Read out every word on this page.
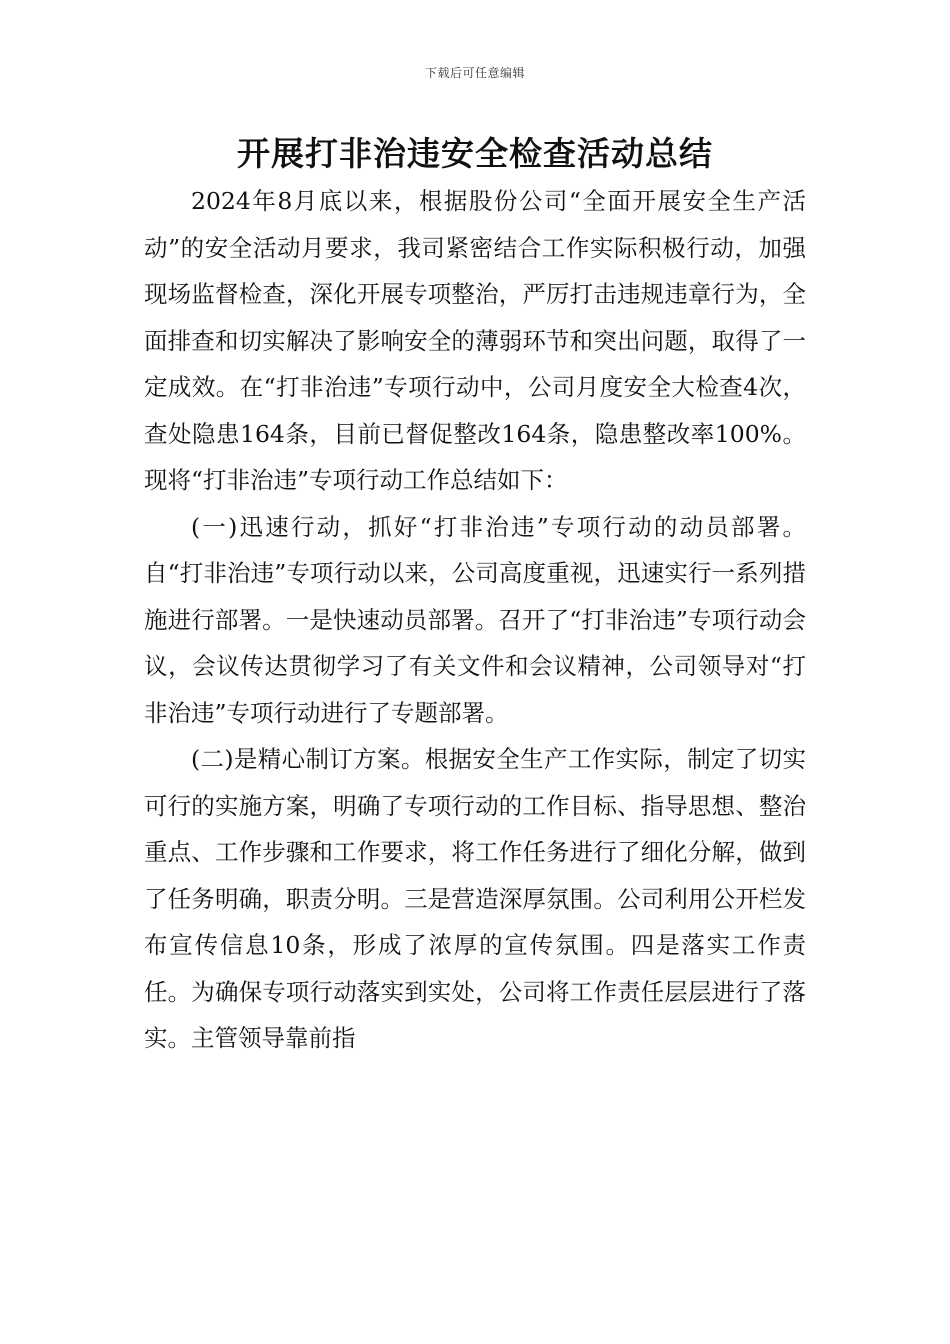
下载后可任意编辑
开展打非治违安全检查活动总结

2024年8月底以来，根据股份公司“全面开展安全生产活动”的安全活动月要求，我司紧密结合工作实际积极行动，加强现场监督检查，深化开展专项整治，严厉打击违规违章行为，全面排查和切实解决了影响安全的薄弱环节和突出问题，取得了一定成效。在“打非治违”专项行动中，公司月度安全大检查4次，查处隐患164条，目前已督促整改164条，隐患整改率100%。现将“打非治违”专项行动工作总结如下：

(一)迅速行动，抓好“打非治违”专项行动的动员部署。自“打非治违”专项行动以来，公司高度重视，迅速实行一系列措施进行部署。一是快速动员部署。召开了“打非治违”专项行动会议，会议传达贯彻学习了有关文件和会议精神，公司领导对“打非治违”专项行动进行了专题部署。

(二)是精心制订方案。根据安全生产工作实际，制定了切实可行的实施方案，明确了专项行动的工作目标、指导思想、整治重点、工作步骤和工作要求，将工作任务进行了细化分解，做到了任务明确，职责分明。三是营造深厚氛围。公司利用公开栏发布宣传信息10条，形成了浓厚的宣传氛围。四是落实工作责任。为确保专项行动落实到实处，公司将工作责任层层进行了落实。主管领导靠前指
